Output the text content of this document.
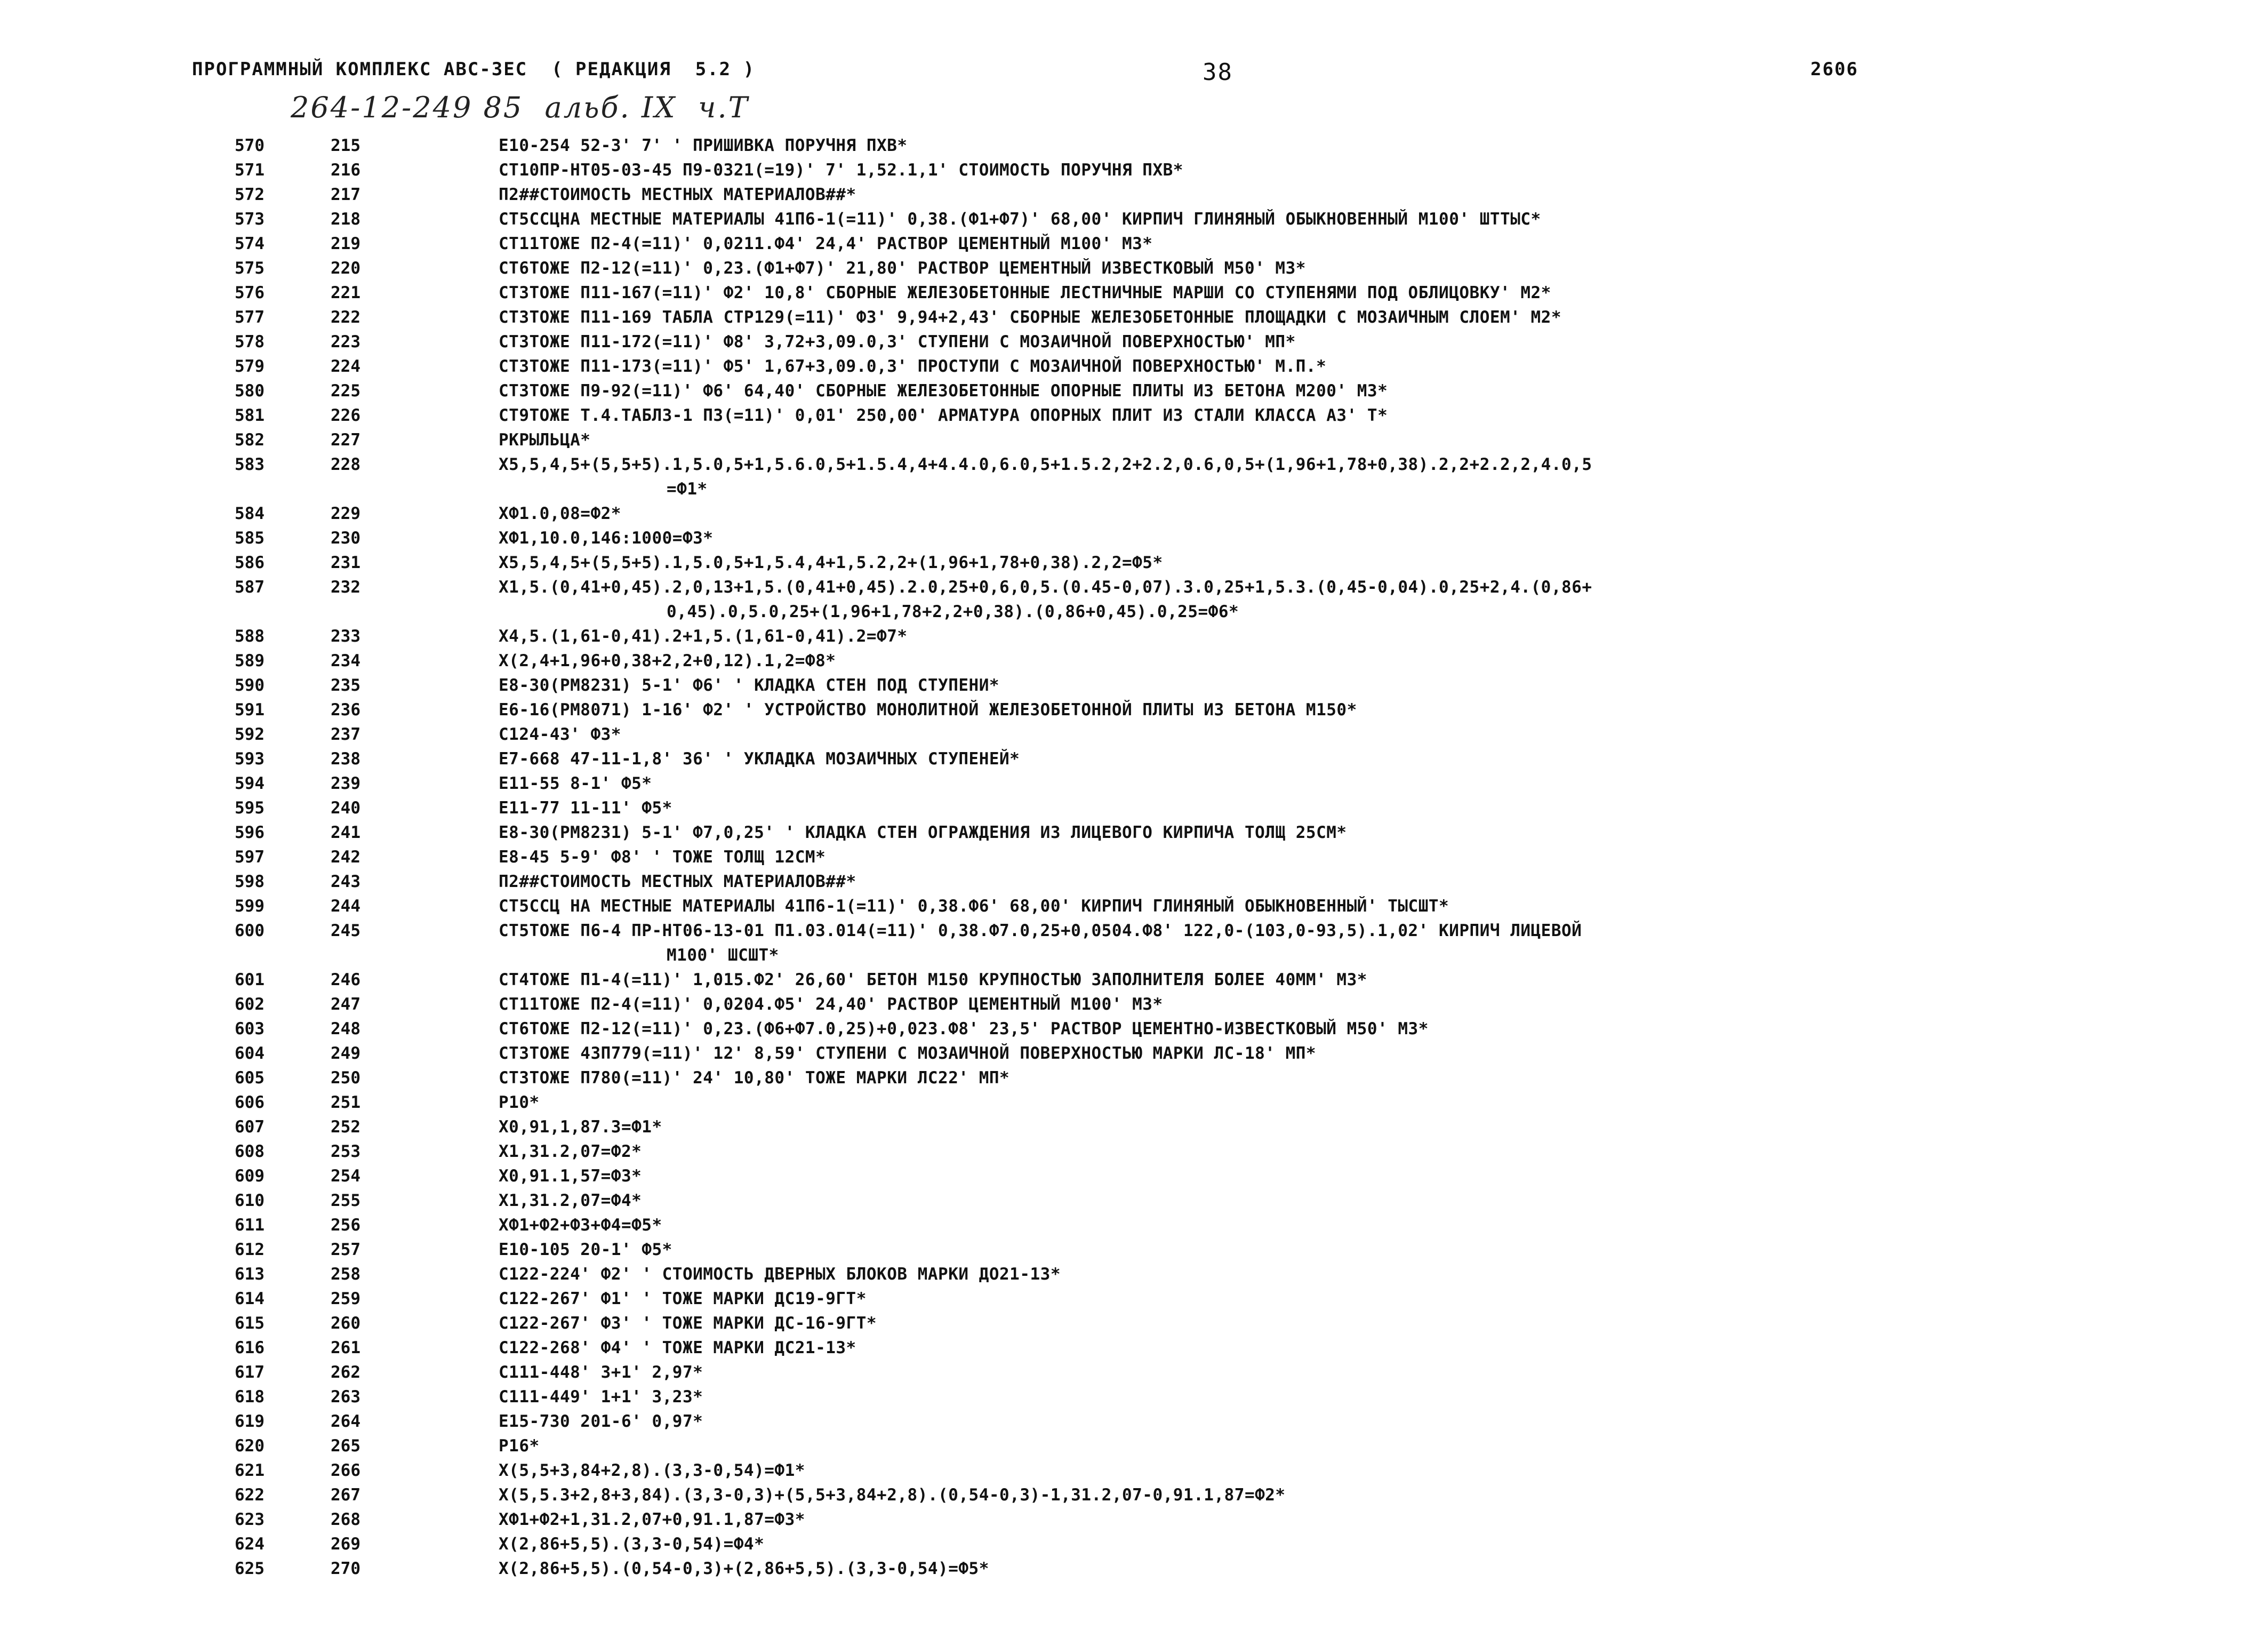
ПРОГРАММНЫЙ КОМПЛЕКС АВС-3ЕС  ( РЕДАКЦИЯ  5.2 )	38	2606
264-12-249 85  альб. IX  ч.Т
570	215	Е10-254 52-3' 7' ' ПРИШИВКА ПОРУЧНЯ ПХВ*
571	216	СТ10ПР-НТ05-03-45 П9-0321(=19)' 7' 1,52.1,1' СТОИМОСТЬ ПОРУЧНЯ ПХВ*
572	217	П2##СТОИМОСТЬ МЕСТНЫХ МАТЕРИАЛОВ##*
573	218	СТ5ССЦНА МЕСТНЫЕ МАТЕРИАЛЫ 41П6-1(=11)' 0,38.(Ф1+Ф7)' 68,00' КИРПИЧ ГЛИНЯНЫЙ ОБЫКНОВЕННЫЙ М100' ШТТЫС*
574	219	СТ11ТОЖЕ П2-4(=11)' 0,0211.Ф4' 24,4' РАСТВОР ЦЕМЕНТНЫЙ М100' М3*
575	220	СТ6ТОЖЕ П2-12(=11)' 0,23.(Ф1+Ф7)' 21,80' РАСТВОР ЦЕМЕНТНЫЙ ИЗВЕСТКОВЫЙ М50' М3*
576	221	СТ3ТОЖЕ П11-167(=11)' Ф2' 10,8' СБОРНЫЕ ЖЕЛЕЗОБЕТОННЫЕ ЛЕСТНИЧНЫЕ МАРШИ СО СТУПЕНЯМИ ПОД ОБЛИЦОВКУ' М2*
577	222	СТ3ТОЖЕ П11-169 ТАБЛА СТР129(=11)' Ф3' 9,94+2,43' СБОРНЫЕ ЖЕЛЕЗОБЕТОННЫЕ ПЛОЩАДКИ С МОЗАИЧНЫМ СЛОЕМ' М2*
578	223	СТ3ТОЖЕ П11-172(=11)' Ф8' 3,72+3,09.0,3' СТУПЕНИ С МОЗАИЧНОЙ ПОВЕРХНОСТЬЮ' МП*
579	224	СТ3ТОЖЕ П11-173(=11)' Ф5' 1,67+3,09.0,3' ПРОСТУПИ С МОЗАИЧНОЙ ПОВЕРХНОСТЬЮ' М.П.*
580	225	СТ3ТОЖЕ П9-92(=11)' Ф6' 64,40' СБОРНЫЕ ЖЕЛЕЗОБЕТОННЫЕ ОПОРНЫЕ ПЛИТЫ ИЗ БЕТОНА М200' М3*
581	226	СТ9ТОЖЕ Т.4.ТАБЛ3-1 П3(=11)' 0,01' 250,00' АРМАТУРА ОПОРНЫХ ПЛИТ ИЗ СТАЛИ КЛАССА А3' Т*
582	227	РКРЫЛЬЦА*
583	228	Х5,5,4,5+(5,5+5).1,5.0,5+1,5.6.0,5+1.5.4,4+4.4.0,6.0,5+1.5.2,2+2.2,0.6,0,5+(1,96+1,78+0,38).2,2+2.2,2,4.0,5
=Ф1*
584	229	ХФ1.0,08=Ф2*
585	230	ХФ1,10.0,146:1000=Ф3*
586	231	Х5,5,4,5+(5,5+5).1,5.0,5+1,5.4,4+1,5.2,2+(1,96+1,78+0,38).2,2=Ф5*
587	232	Х1,5.(0,41+0,45).2,0,13+1,5.(0,41+0,45).2.0,25+0,6,0,5.(0.45-0,07).3.0,25+1,5.3.(0,45-0,04).0,25+2,4.(0,86+
0,45).0,5.0,25+(1,96+1,78+2,2+0,38).(0,86+0,45).0,25=Ф6*
588	233	Х4,5.(1,61-0,41).2+1,5.(1,61-0,41).2=Ф7*
589	234	Х(2,4+1,96+0,38+2,2+0,12).1,2=Ф8*
590	235	Е8-30(РМ8231) 5-1' Ф6' ' КЛАДКА СТЕН ПОД СТУПЕНИ*
591	236	Е6-16(РМ8071) 1-16' Ф2' ' УСТРОЙСТВО МОНОЛИТНОЙ ЖЕЛЕЗОБЕТОННОЙ ПЛИТЫ ИЗ БЕТОНА М150*
592	237	С124-43' Ф3*
593	238	Е7-668 47-11-1,8' 36' ' УКЛАДКА МОЗАИЧНЫХ СТУПЕНЕЙ*
594	239	Е11-55 8-1' Ф5*
595	240	Е11-77 11-11' Ф5*
596	241	Е8-30(РМ8231) 5-1' Ф7,0,25' ' КЛАДКА СТЕН ОГРАЖДЕНИЯ ИЗ ЛИЦЕВОГО КИРПИЧА ТОЛЩ 25СМ*
597	242	Е8-45 5-9' Ф8' ' ТОЖЕ ТОЛЩ 12СМ*
598	243	П2##СТОИМОСТЬ МЕСТНЫХ МАТЕРИАЛОВ##*
599	244	СТ5ССЦ НА МЕСТНЫЕ МАТЕРИАЛЫ 41П6-1(=11)' 0,38.Ф6' 68,00' КИРПИЧ ГЛИНЯНЫЙ ОБЫКНОВЕННЫЙ' ТЫСШТ*
600	245	СТ5ТОЖЕ П6-4 ПР-НТ06-13-01 П1.03.014(=11)' 0,38.Ф7.0,25+0,0504.Ф8' 122,0-(103,0-93,5).1,02' КИРПИЧ ЛИЦЕВОЙ
М100' ШСШТ*
601	246	СТ4ТОЖЕ П1-4(=11)' 1,015.Ф2' 26,60' БЕТОН М150 КРУПНОСТЬЮ ЗАПОЛНИТЕЛЯ БОЛЕЕ 40ММ' М3*
602	247	СТ11ТОЖЕ П2-4(=11)' 0,0204.Ф5' 24,40' РАСТВОР ЦЕМЕНТНЫЙ М100' М3*
603	248	СТ6ТОЖЕ П2-12(=11)' 0,23.(Ф6+Ф7.0,25)+0,023.Ф8' 23,5' РАСТВОР ЦЕМЕНТНО-ИЗВЕСТКОВЫЙ М50' М3*
604	249	СТ3ТОЖЕ 43П779(=11)' 12' 8,59' СТУПЕНИ С МОЗАИЧНОЙ ПОВЕРХНОСТЬЮ МАРКИ ЛС-18' МП*
605	250	СТ3ТОЖЕ П780(=11)' 24' 10,80' ТОЖЕ МАРКИ ЛС22' МП*
606	251	Р10*
607	252	Х0,91,1,87.3=Ф1*
608	253	Х1,31.2,07=Ф2*
609	254	Х0,91.1,57=Ф3*
610	255	Х1,31.2,07=Ф4*
611	256	ХФ1+Ф2+Ф3+Ф4=Ф5*
612	257	Е10-105 20-1' Ф5*
613	258	С122-224' Ф2' ' СТОИМОСТЬ ДВЕРНЫХ БЛОКОВ МАРКИ ДО21-13*
614	259	С122-267' Ф1' ' ТОЖЕ МАРКИ ДС19-9ГТ*
615	260	С122-267' Ф3' ' ТОЖЕ МАРКИ ДС-16-9ГТ*
616	261	С122-268' Ф4' ' ТОЖЕ МАРКИ ДС21-13*
617	262	С111-448' 3+1' 2,97*
618	263	С111-449' 1+1' 3,23*
619	264	Е15-730 201-6' 0,97*
620	265	Р16*
621	266	Х(5,5+3,84+2,8).(3,3-0,54)=Ф1*
622	267	Х(5,5.3+2,8+3,84).(3,3-0,3)+(5,5+3,84+2,8).(0,54-0,3)-1,31.2,07-0,91.1,87=Ф2*
623	268	ХФ1+Ф2+1,31.2,07+0,91.1,87=Ф3*
624	269	Х(2,86+5,5).(3,3-0,54)=Ф4*
625	270	Х(2,86+5,5).(0,54-0,3)+(2,86+5,5).(3,3-0,54)=Ф5*
